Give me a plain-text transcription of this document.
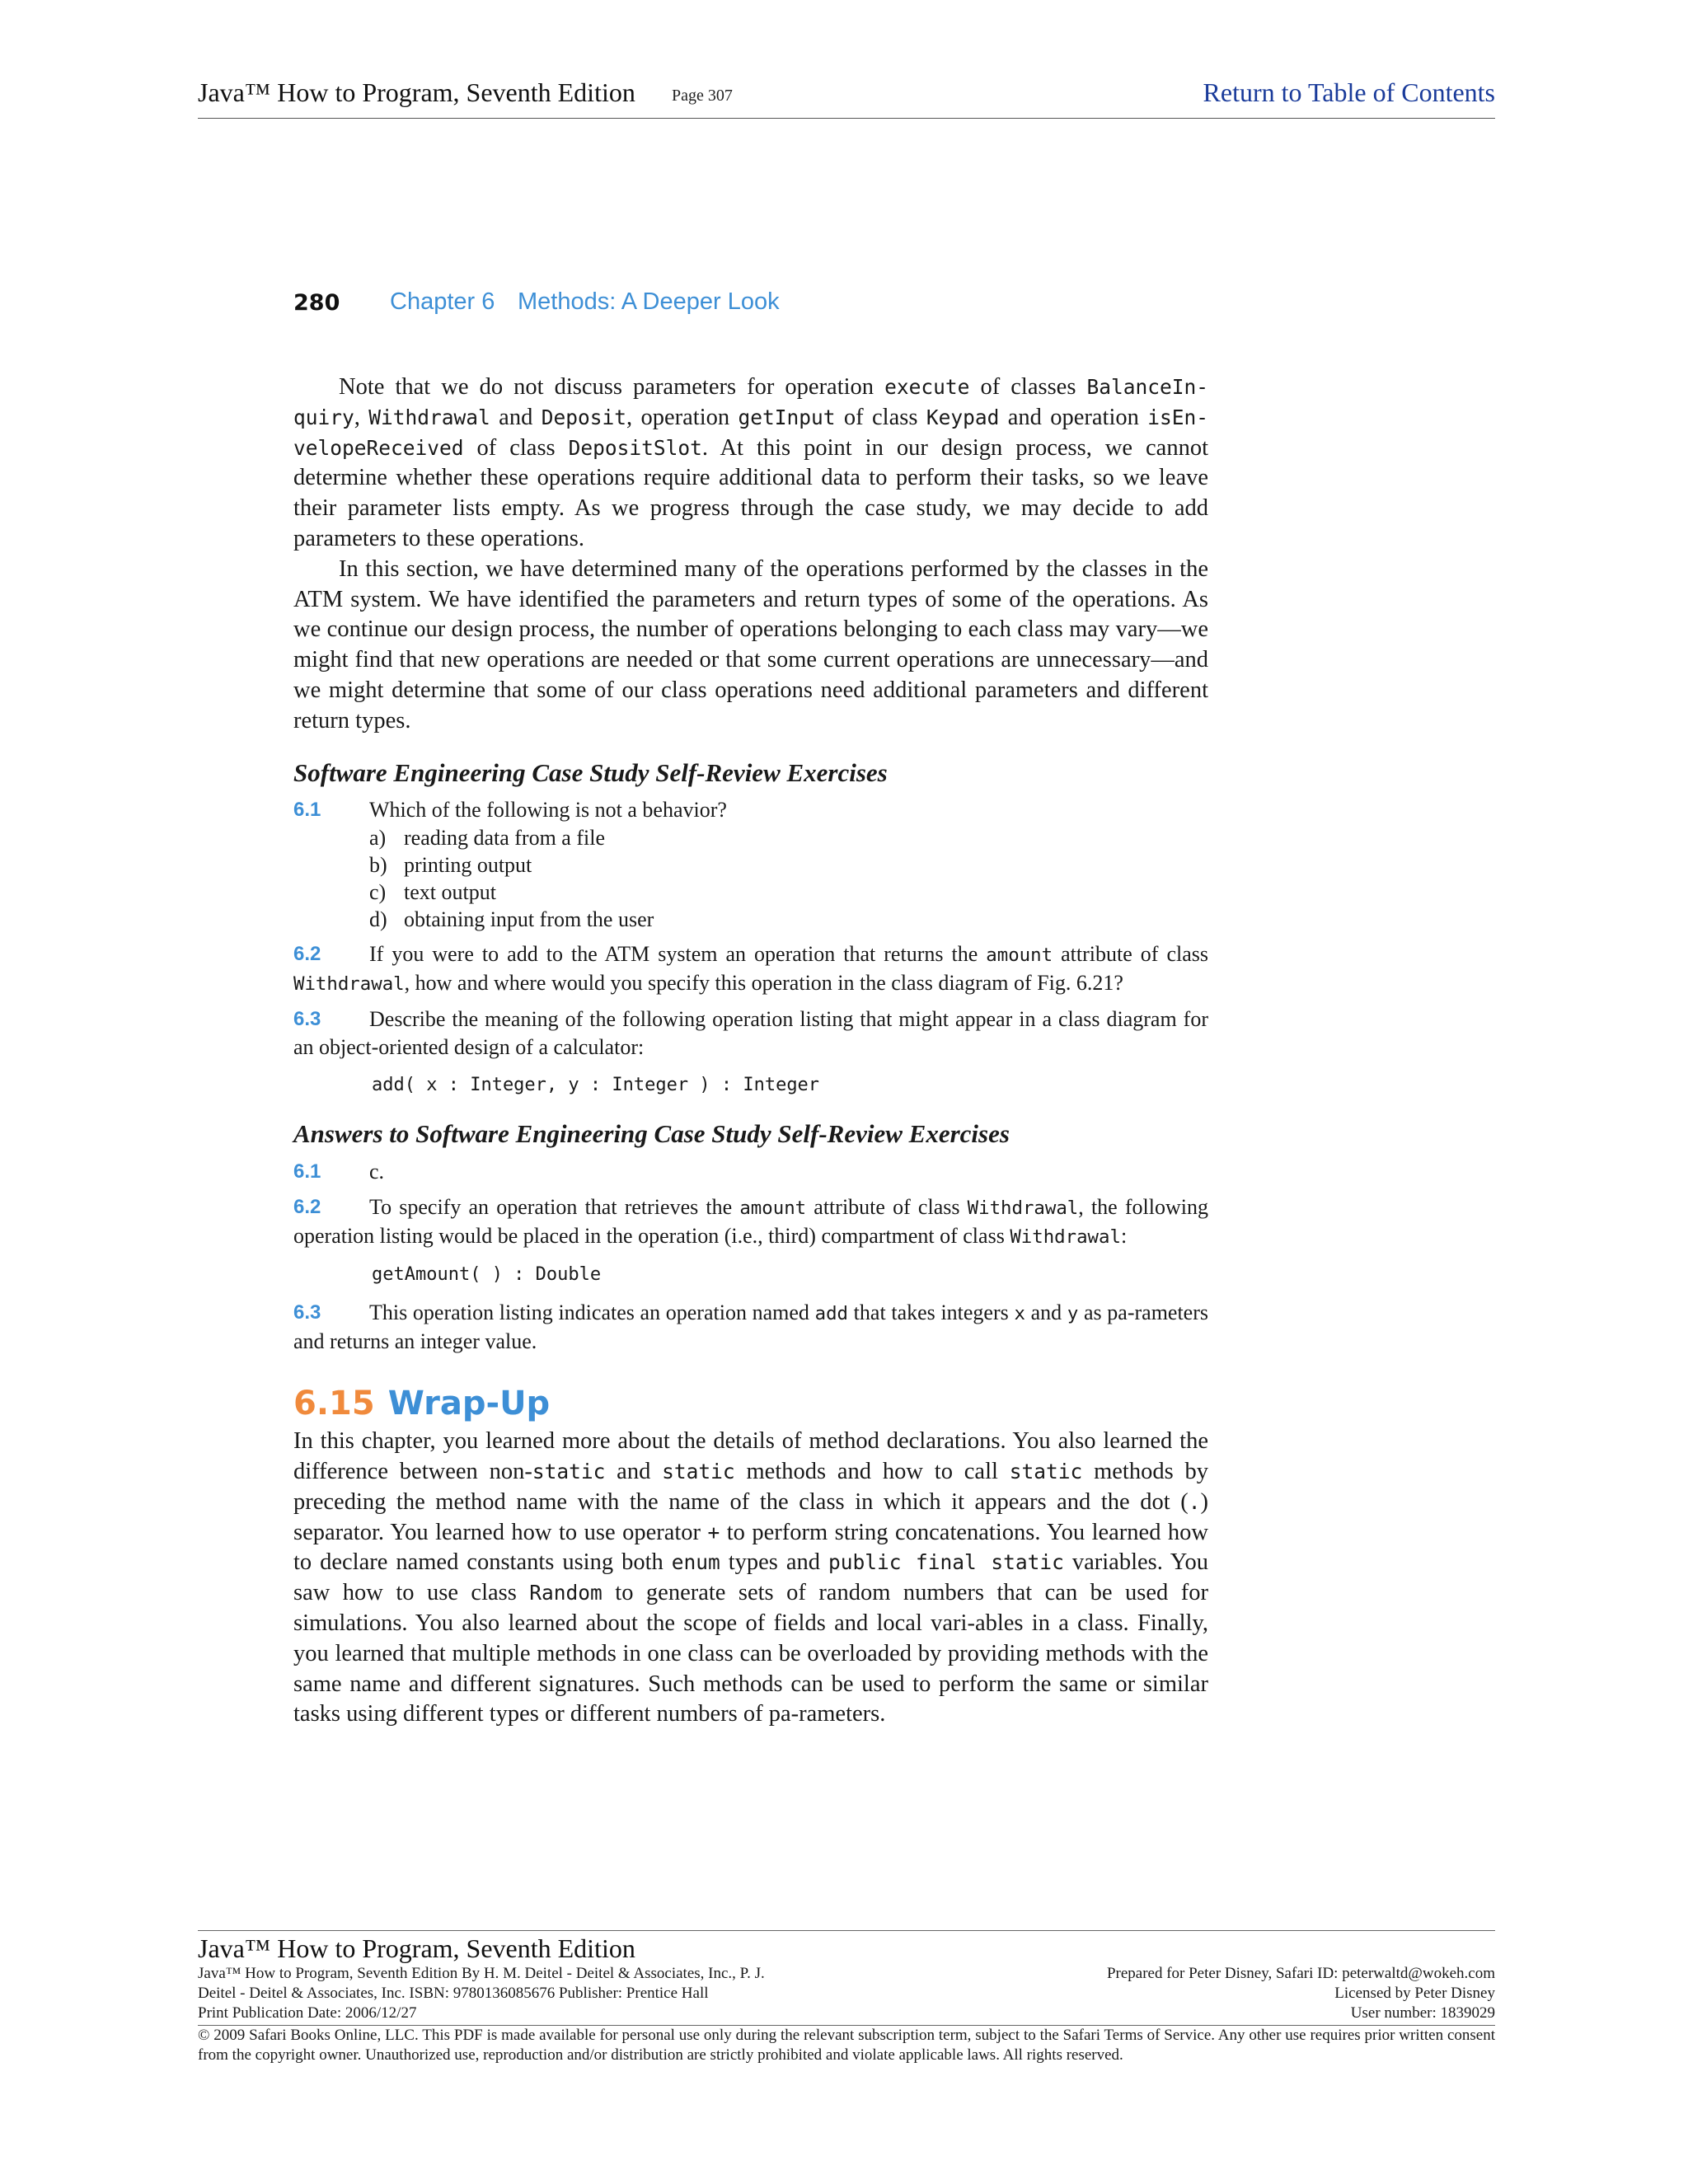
Java™ How to Program, Seventh Edition Page 307	Return to Table of Contents
280 Chapter 6 Methods: A Deeper Look

Note that we do not discuss parameters for operation execute of classes BalanceIn-quiry, Withdrawal and Deposit, operation getInput of class Keypad and operation isEn-velopeReceived of class DepositSlot. At this point in our design process, we cannot determine whether these operations require additional data to perform their tasks, so we leave their parameter lists empty. As we progress through the case study, we may decide to add parameters to these operations.

In this section, we have determined many of the operations performed by the classes in the ATM system. We have identified the parameters and return types of some of the operations. As we continue our design process, the number of operations belonging to each class may vary—we might find that new operations are needed or that some current operations are unnecessary—and we might determine that some of our class operations need additional parameters and different return types.

Software Engineering Case Study Self-Review Exercises
6.1 Which of the following is not a behavior?
a) reading data from a file
b) printing output
c) text output
d) obtaining input from the user
6.2 If you were to add to the ATM system an operation that returns the amount attribute of class Withdrawal, how and where would you specify this operation in the class diagram of Fig. 6.21?
6.3 Describe the meaning of the following operation listing that might appear in a class diagram for an object-oriented design of a calculator:
add( x : Integer, y : Integer ) : Integer
Answers to Software Engineering Case Study Self-Review Exercises
6.1 c.
6.2 To specify an operation that retrieves the amount attribute of class Withdrawal, the following operation listing would be placed in the operation (i.e., third) compartment of class Withdrawal:
getAmount( ) : Double
6.3 This operation listing indicates an operation named add that takes integers x and y as pa-rameters and returns an integer value.
6.15 Wrap-Up

In this chapter, you learned more about the details of method declarations. You also learned the difference between non-static and static methods and how to call static methods by preceding the method name with the name of the class in which it appears and the dot (.) separator. You learned how to use operator + to perform string concatenations. You learned how to declare named constants using both enum types and public final static variables. You saw how to use class Random to generate sets of random numbers that can be used for simulations. You also learned about the scope of fields and local vari-ables in a class. Finally, you learned that multiple methods in one class can be overloaded by providing methods with the same name and different signatures. Such methods can be used to perform the same or similar tasks using different types or different numbers of pa-rameters.

Java™ How to Program, Seventh Edition
Java™ How to Program, Seventh Edition By H. M. Deitel - Deitel & Associates, Inc., P. J.
Deitel - Deitel & Associates, Inc. ISBN: 9780136085676 Publisher: Prentice Hall
Print Publication Date: 2006/12/27
Prepared for Peter Disney, Safari ID: peterwaltd@wokeh.com
Licensed by Peter Disney
User number: 1839029
© 2009 Safari Books Online, LLC. This PDF is made available for personal use only during the relevant subscription term, subject to the Safari Terms of Service. Any other use requires prior written consent from the copyright owner. Unauthorized use, reproduction and/or distribution are strictly prohibited and violate applicable laws. All rights reserved.
